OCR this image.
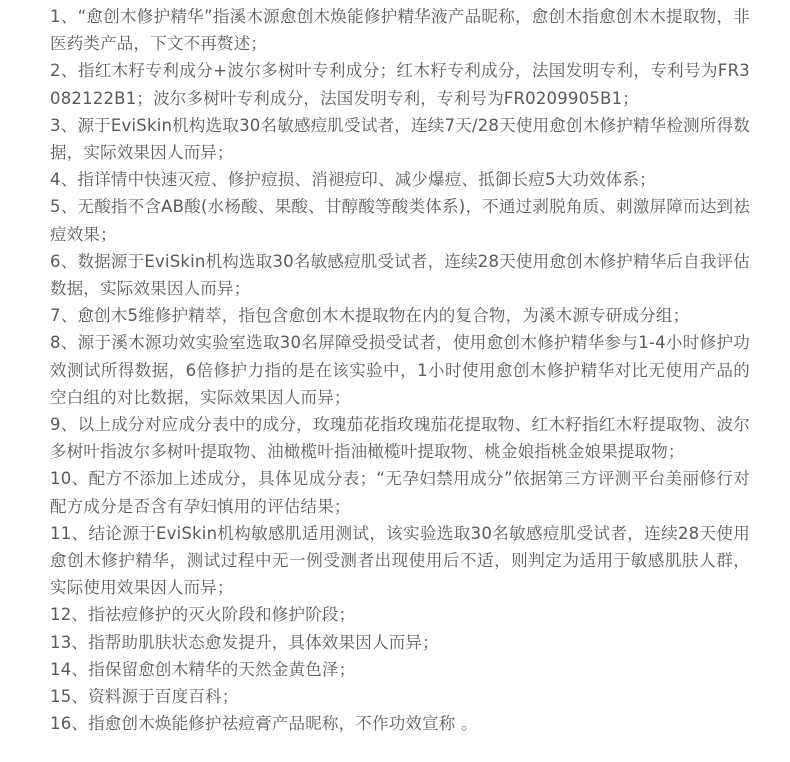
1、“愈创木修护精华”指溪木源愈创木焕能修护精华液产品昵称，愈创木指愈创木木提取物，非医药类产品，下文不再赘述；

2、指红木籽专利成分+波尔多树叶专利成分；红木籽专利成分，法国发明专利，专利号为FR3082122B1；波尔多树叶专利成分，法国发明专利，专利号为FR0209905B1；

3、源于EviSkin机构选取30名敏感痘肌受试者，连续7天/28天使用愈创木修护精华检测所得数据，实际效果因人而异；

4、指详情中快速灭痘、修护痘损、消褪痘印、减少爆痘、抵御长痘5大功效体系；

5、无酸指不含AB酸(水杨酸、果酸、甘醇酸等酸类体系)，不通过剥脱角质、刺激屏障而达到祛痘效果；

6、数据源于EviSkin机构选取30名敏感痘肌受试者，连续28天使用愈创木修护精华后自我评估数据，实际效果因人而异；

7、愈创木5维修护精萃，指包含愈创木木提取物在内的复合物，为溪木源专研成分组；

8、源于溪木源功效实验室选取30名屏障受损受试者，使用愈创木修护精华参与1-4小时修护功效测试所得数据，6倍修护力指的是在该实验中，1小时使用愈创木修护精华对比无使用产品的空白组的对比数据，实际效果因人而异；

9、以上成分对应成分表中的成分，玫瑰茄花指玫瑰茄花提取物、红木籽指红木籽提取物、波尔多树叶指波尔多树叶提取物、油橄榄叶指油橄榄叶提取物、桃金娘指桃金娘果提取物；

10、配方不添加上述成分，具体见成分表；“无孕妇禁用成分”依据第三方评测平台美丽修行对配方成分是否含有孕妇慎用的评估结果；

11、结论源于EviSkin机构敏感肌适用测试，该实验选取30名敏感痘肌受试者，连续28天使用愈创木修护精华，测试过程中无一例受测者出现使用后不适，则判定为适用于敏感肌肤人群，实际使用效果因人而异；

12、指祛痘修护的灭火阶段和修护阶段；

13、指帮助肌肤状态愈发提升，具体效果因人而异；

14、指保留愈创木精华的天然金黄色泽；

15、资料源于百度百科；

16、指愈创木焕能修护祛痘膏产品昵称，不作功效宣称 。
